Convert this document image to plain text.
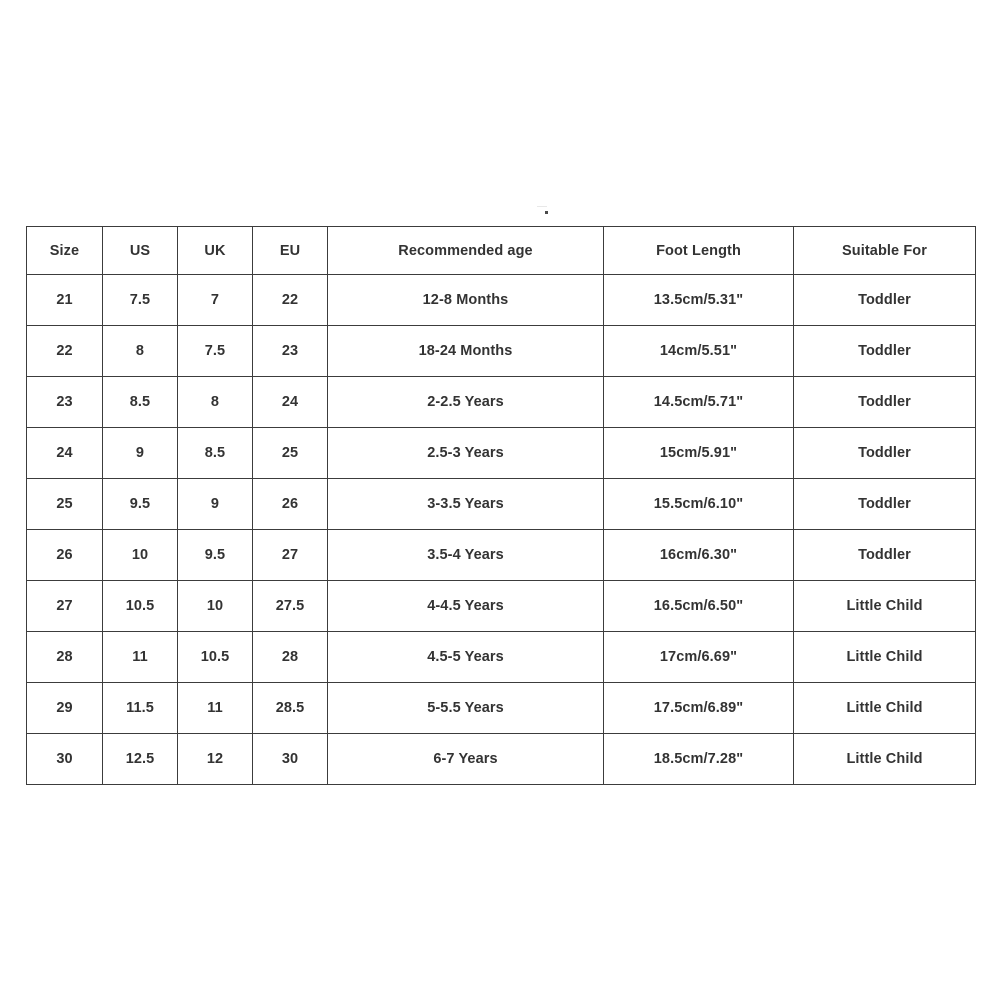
Size	US	UK	EU	Recommended age	Foot Length	Suitable For
21	7.5	7	22	12-8 Months	13.5cm/5.31"	Toddler
22	8	7.5	23	18-24 Months	14cm/5.51"	Toddler
23	8.5	8	24	2-2.5 Years	14.5cm/5.71"	Toddler
24	9	8.5	25	2.5-3 Years	15cm/5.91"	Toddler
25	9.5	9	26	3-3.5 Years	15.5cm/6.10"	Toddler
26	10	9.5	27	3.5-4 Years	16cm/6.30"	Toddler
27	10.5	10	27.5	4-4.5 Years	16.5cm/6.50"	Little Child
28	11	10.5	28	4.5-5 Years	17cm/6.69"	Little Child
29	11.5	11	28.5	5-5.5 Years	17.5cm/6.89"	Little Child
30	12.5	12	30	6-7 Years	18.5cm/7.28"	Little Child
